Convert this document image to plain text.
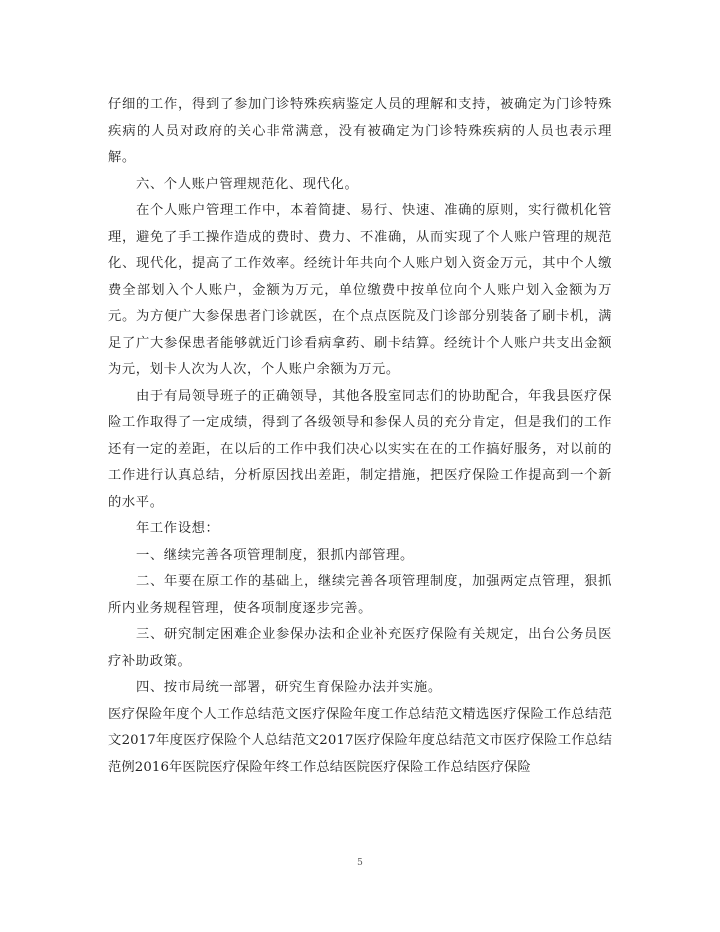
仔细的工作，得到了参加门诊特殊疾病鉴定人员的理解和支持，被确定为门诊特殊疾病的人员对政府的关心非常满意，没有被确定为门诊特殊疾病的人员也表示理解。

六、个人账户管理规范化、现代化。

在个人账户管理工作中，本着简捷、易行、快速、准确的原则，实行微机化管理，避免了手工操作造成的费时、费力、不准确，从而实现了个人账户管理的规范化、现代化，提高了工作效率。经统计年共向个人账户划入资金万元，其中个人缴费全部划入个人账户，金额为万元，单位缴费中按单位向个人账户划入金额为万元。为方便广大参保患者门诊就医，在个点点医院及门诊部分别装备了刷卡机，满足了广大参保患者能够就近门诊看病拿药、刷卡结算。经统计个人账户共支出金额为元，划卡人次为人次，个人账户余额为万元。

由于有局领导班子的正确领导，其他各股室同志们的协助配合，年我县医疗保险工作取得了一定成绩，得到了各级领导和参保人员的充分肯定，但是我们的工作还有一定的差距，在以后的工作中我们决心以实实在在的工作搞好服务，对以前的工作进行认真总结，分析原因找出差距，制定措施，把医疗保险工作提高到一个新的水平。

年工作设想：

一、继续完善各项管理制度，狠抓内部管理。

二、年要在原工作的基础上，继续完善各项管理制度，加强两定点管理，狠抓所内业务规程管理，使各项制度逐步完善。

三、研究制定困难企业参保办法和企业补充医疗保险有关规定，出台公务员医疗补助政策。

四、按市局统一部署，研究生育保险办法并实施。

医疗保险年度个人工作总结范文医疗保险年度工作总结范文精选医疗保险工作总结范文2017年度医疗保险个人总结范文2017医疗保险年度总结范文市医疗保险工作总结范例2016年医院医疗保险年终工作总结医院医疗保险工作总结医疗保险

5
